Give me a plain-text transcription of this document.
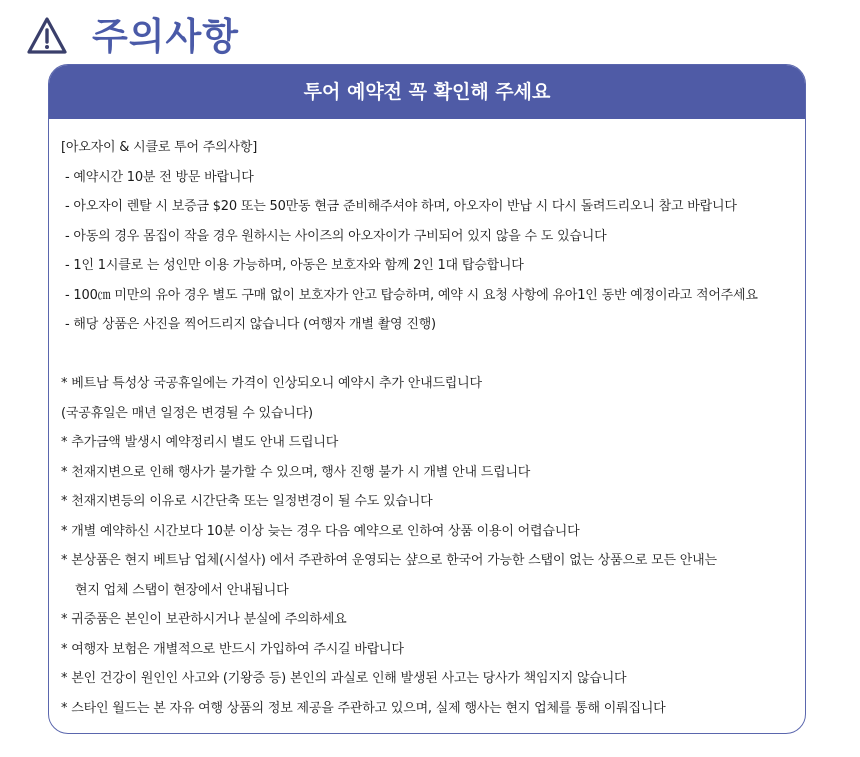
주의사항
투어 예약전 꼭 확인해 주세요
[아오자이 & 시클로 투어 주의사항]
- 예약시간 10분 전 방문 바랍니다
- 아오자이 렌탈 시 보증금 $20 또는 50만동 현금 준비해주셔야 하며, 아오자이 반납 시 다시 돌려드리오니 참고 바랍니다
- 아동의 경우 몸집이 작을 경우 원하시는 사이즈의 아오자이가 구비되어 있지 않을 수 도 있습니다
- 1인 1시클로 는 성인만 이용 가능하며, 아동은 보호자와 함께 2인 1대 탑승합니다
- 100㎝ 미만의 유아 경우 별도 구매 없이 보호자가 안고 탑승하며, 예약 시 요청 사항에 유아1인 동반 예정이라고 적어주세요
- 해당 상품은 사진을 찍어드리지 않습니다 (여행자 개별 촬영 진행)
* 베트남 특성상 국공휴일에는 가격이 인상되오니 예약시 추가 안내드립니다
(국공휴일은 매년 일정은 변경될 수 있습니다)
* 추가금액 발생시 예약정리시 별도 안내 드립니다
* 천재지변으로 인해 행사가 불가할 수 있으며, 행사 진행 불가 시 개별 안내 드립니다
* 천재지변등의 이유로 시간단축 또는 일정변경이 될 수도 있습니다
* 개별 예약하신 시간보다 10분 이상 늦는 경우 다음 예약으로 인하여 상품 이용이 어렵습니다
* 본상품은 현지 베트남 업체(시설사) 에서 주관하여 운영되는 샾으로 한국어 가능한 스탭이 없는 상품으로 모든 안내는
현지 업체 스탭이 현장에서 안내됩니다
* 귀중품은 본인이 보관하시거나 분실에 주의하세요
* 여행자 보험은 개별적으로 반드시 가입하여 주시길 바랍니다
* 본인 건강이 원인인 사고와 (기왕증 등) 본인의 과실로 인해 발생된 사고는 당사가 책임지지 않습니다
* 스타인 월드는 본 자유 여행 상품의 정보 제공을 주관하고 있으며, 실제 행사는 현지 업체를 통해 이뤄집니다
